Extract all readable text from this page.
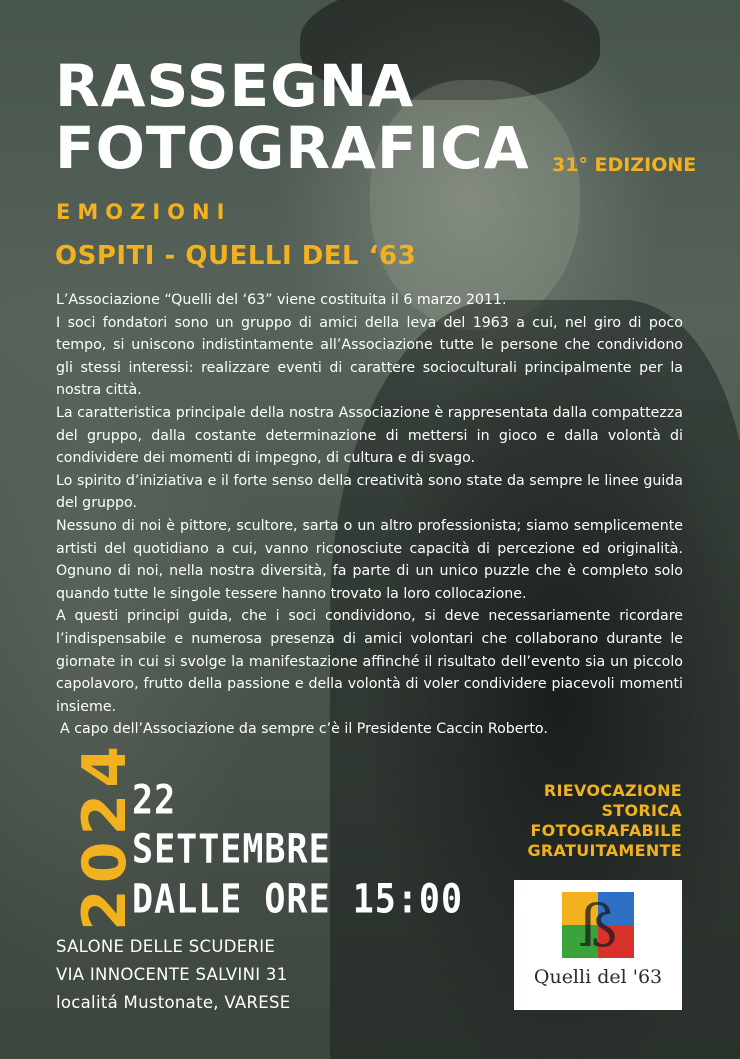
RASSEGNA
FOTOGRAFICA 31° EDIZIONE
EMOZIONI
OSPITI - QUELLI DEL ‘63

L’Associazione “Quelli del ‘63” viene costituita il 6 marzo 2011.

I soci fondatori sono un gruppo di amici della leva del 1963 a cui, nel giro di poco tempo, si uniscono indistintamente all’Associazione tutte le persone che condividono gli stessi interessi: realizzare eventi di carattere socioculturali principalmente per la nostra città.

La caratteristica principale della nostra Associazione è rappresentata dalla compattezza del gruppo, dalla costante determinazione di mettersi in gioco e dalla volontà di condividere dei momenti di impegno, di cultura e di svago.

Lo spirito d’iniziativa e il forte senso della creatività sono state da sempre le linee guida del gruppo.

Nessuno di noi è pittore, scultore, sarta o un altro professionista; siamo semplicemente artisti del quotidiano a cui, vanno riconosciute capacità di percezione ed originalità. Ognuno di noi, nella nostra diversità, fa parte di un unico puzzle che è completo solo quando tutte le singole tessere hanno trovato la loro collocazione.

A questi principi guida, che i soci condividono, si deve necessariamente ricordare l’indispensabile e numerosa presenza di amici volontari che collaborano durante le giornate in cui si svolge la manifestazione affinché il risultato dell’evento sia un piccolo capolavoro, frutto della passione e della volontà di voler condividere piacevoli momenti insieme.

A capo dell’Associazione da sempre c’è il Presidente Caccin Roberto.

2024
22
SETTEMBRE
DALLE ORE 15:00
SALONE DELLE SCUDERIE
VIA INNOCENTE SALVINI 31
localitá Mustonate, VARESE
RIEVOCAZIONE
STORICA
FOTOGRAFABILE
GRATUITAMENTE
ß
Quelli del '63
